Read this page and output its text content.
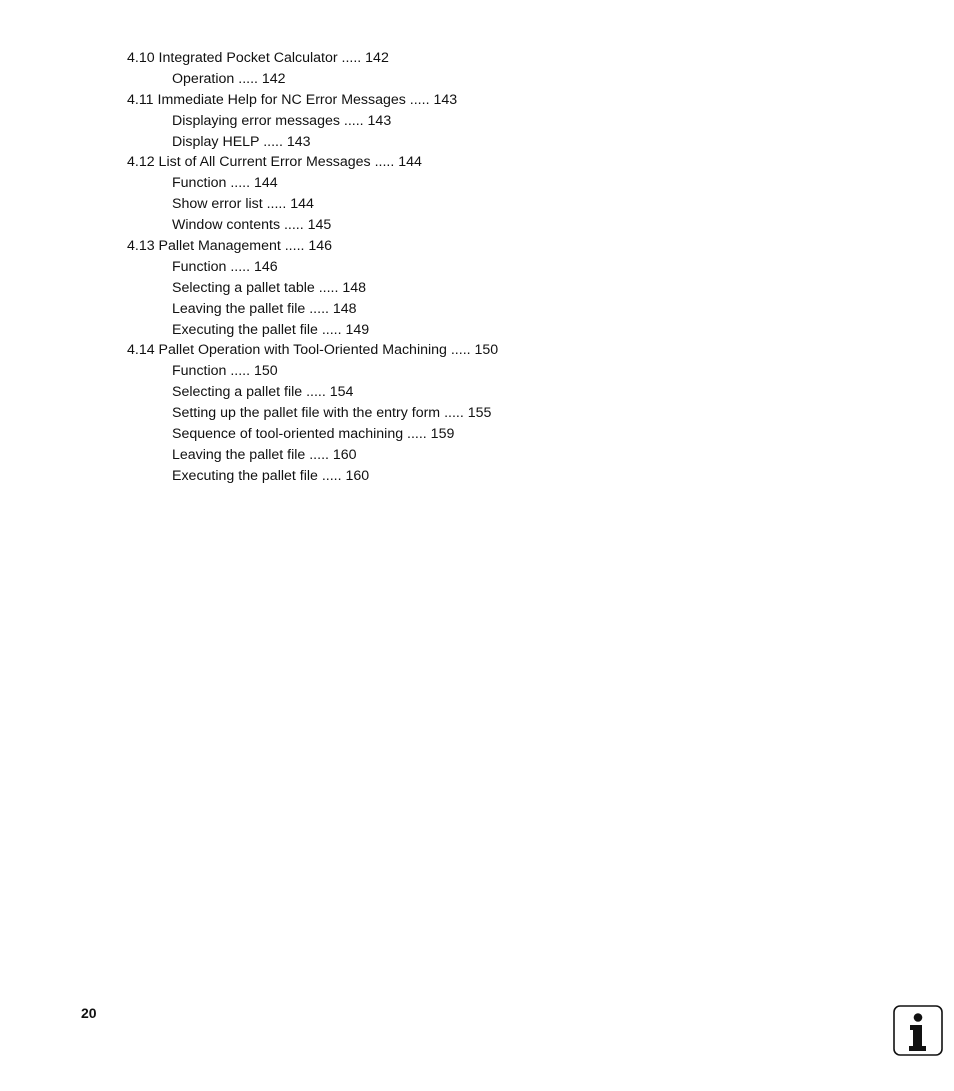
4.10 Integrated Pocket Calculator ..... 142
Operation ..... 142
4.11 Immediate Help for NC Error Messages ..... 143
Displaying error messages ..... 143
Display HELP ..... 143
4.12 List of All Current Error Messages ..... 144
Function ..... 144
Show error list ..... 144
Window contents ..... 145
4.13 Pallet Management ..... 146
Function ..... 146
Selecting a pallet table ..... 148
Leaving the pallet file ..... 148
Executing the pallet file ..... 149
4.14 Pallet Operation with Tool-Oriented Machining ..... 150
Function ..... 150
Selecting a pallet file ..... 154
Setting up the pallet file with the entry form ..... 155
Sequence of tool-oriented machining ..... 159
Leaving the pallet file ..... 160
Executing the pallet file ..... 160
20
